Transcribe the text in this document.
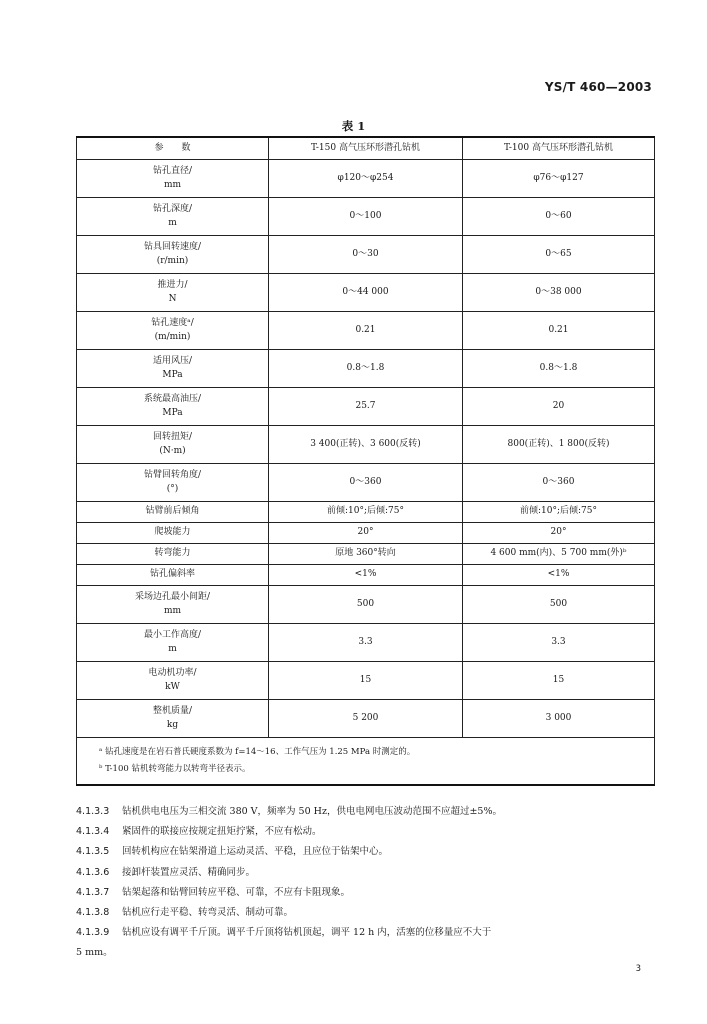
YS/T 460—2003
表 1
参　　数	T-150 高气压环形潜孔钻机	T-100 高气压环形潜孔钻机
钻孔直径/
mm	φ120～φ254	φ76～φ127
钻孔深度/
m	0～100	0～60
钻具回转速度/
(r/min)	0～30	0～65
推进力/
N	0～44 000	0～38 000
钻孔速度ᵃ/
(m/min)	0.21	0.21
适用风压/
MPa	0.8～1.8	0.8～1.8
系统最高油压/
MPa	25.7	20
回转扭矩/
(N·m)	3 400(正转)、3 600(反转)	800(正转)、1 800(反转)
钻臂回转角度/
(°)	0～360	0～360
钻臂前后倾角	前倾:10°;后倾:75°	前倾:10°;后倾:75°
爬坡能力	20°	20°
转弯能力	原地 360°转向	4 600 mm(内)、5 700 mm(外)ᵇ
钻孔偏斜率	<1%	<1%
采场边孔最小间距/
mm	500	500
最小工作高度/
m	3.3	3.3
电动机功率/
kW	15	15
整机质量/
kg	5 200	3 000

ᵃ 钻孔速度是在岩石普氏硬度系数为 f=14～16、工作气压为 1.25 MPa 时测定的。
ᵇ T-100 钻机转弯能力以转弯半径表示。		
4.1.3.3	钻机供电电压为三相交流 380 V，频率为 50 Hz，供电电网电压波动范围不应超过±5%。
4.1.3.4	紧固件的联接应按规定扭矩拧紧，不应有松动。
4.1.3.5	回转机构应在钻架滑道上运动灵活、平稳，且应位于钻架中心。
4.1.3.6	接卸杆装置应灵活、精确同步。
4.1.3.7	钻架起落和钻臂回转应平稳、可靠，不应有卡阻现象。
4.1.3.8	钻机应行走平稳、转弯灵活、制动可靠。
4.1.3.9	钻机应设有调平千斤顶。调平千斤顶将钻机顶起，调平 12 h 内，活塞的位移量应不大于
5 mm。
3
